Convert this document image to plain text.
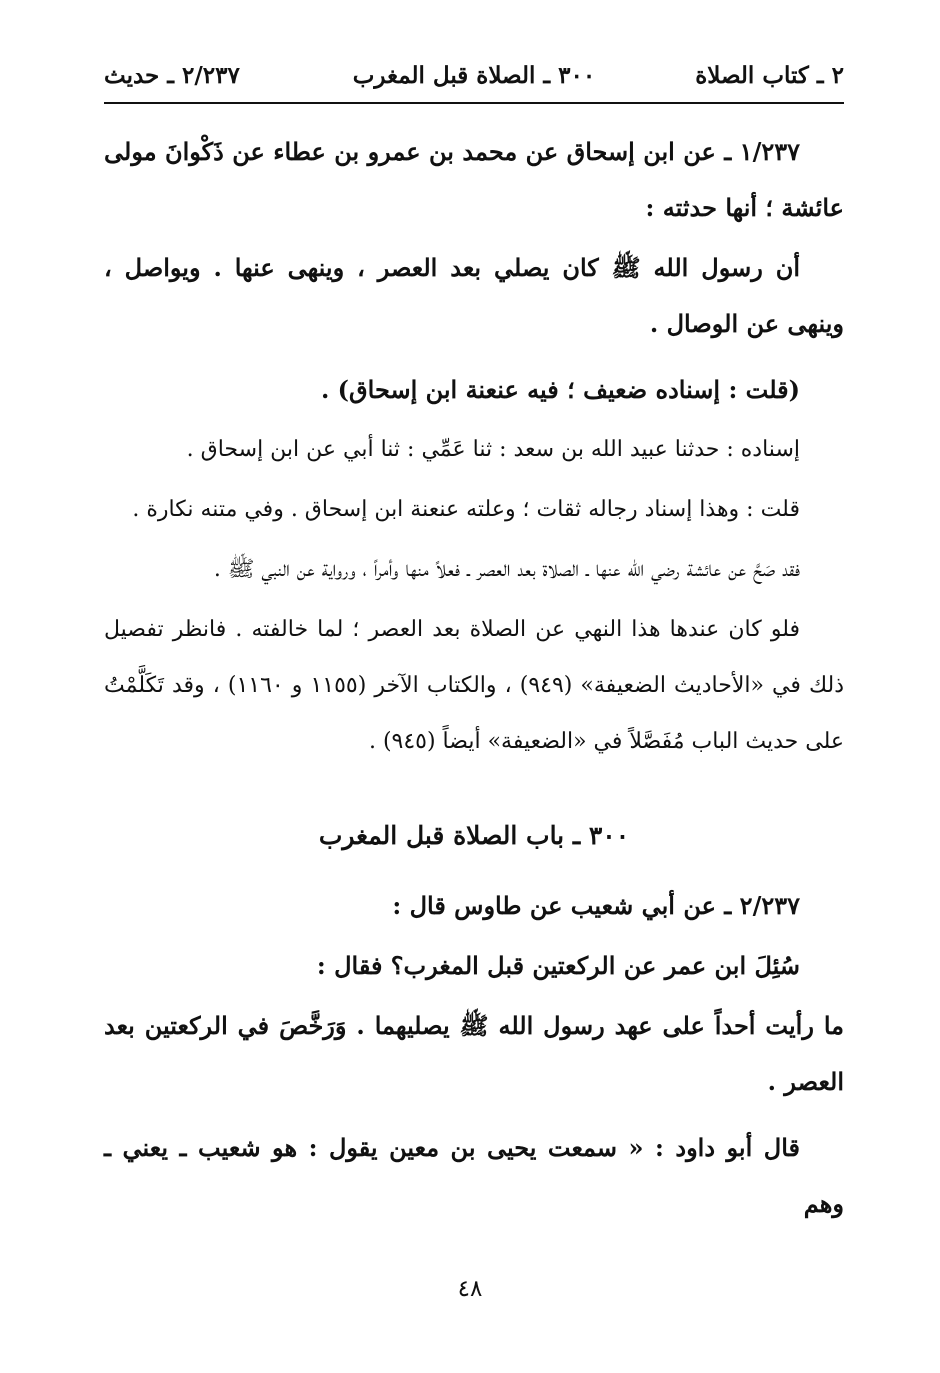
٢ ـ كتاب الصلاة
٣٠٠ ـ الصلاة قبل المغرب
٢/٢٣٧ ـ حديث

١/٢٣٧ ـ عن ابن إسحاق عن محمد بن عمرو بن عطاء عن ذَكْوانَ مولى عائشة ؛ أنها حدثته :

أن رسول الله ﷺ كان يصلي بعد العصر ، وينهى عنها . ويواصل ، وينهى عن الوصال .

(قلت : إسناده ضعيف ؛ فيه عنعنة ابن إسحاق) .

إسناده : حدثنا عبيد الله بن سعد : ثنا عَمِّي : ثنا أبي عن ابن إسحاق .

قلت : وهذا إسناد رجاله ثقات ؛ وعلته عنعنة ابن إسحاق . وفي متنه نكارة .

فقد صَحَّ عن عائشة رضي الله عنها ـ الصلاة بعد العصر ـ فعلاً منها وأمراً ، ورواية عن النبي ﷺ .

فلو كان عندها هذا النهي عن الصلاة بعد العصر ؛ لما خالفته . فانظر تفصيل ذلك في «الأحاديث الضعيفة» (٩٤٩) ، والكتاب الآخر (١١٥٥ و ١١٦٠) ، وقد تَكَلَّمْتُ على حديث الباب مُفَصَّلاً في «الضعيفة» أيضاً (٩٤٥) .

٣٠٠ ـ باب الصلاة قبل المغرب

٢/٢٣٧ ـ عن أبي شعيب عن طاوس قال :

سُئِلَ ابن عمر عن الركعتين قبل المغرب؟ فقال :

ما رأيت أحداً على عهد رسول الله ﷺ يصليهما . وَرَخَّصَ في الركعتين بعد العصر .

قال أبو داود : « سمعت يحيى بن معين يقول : هو شعيب ـ يعني ـ وهم

٤٨
